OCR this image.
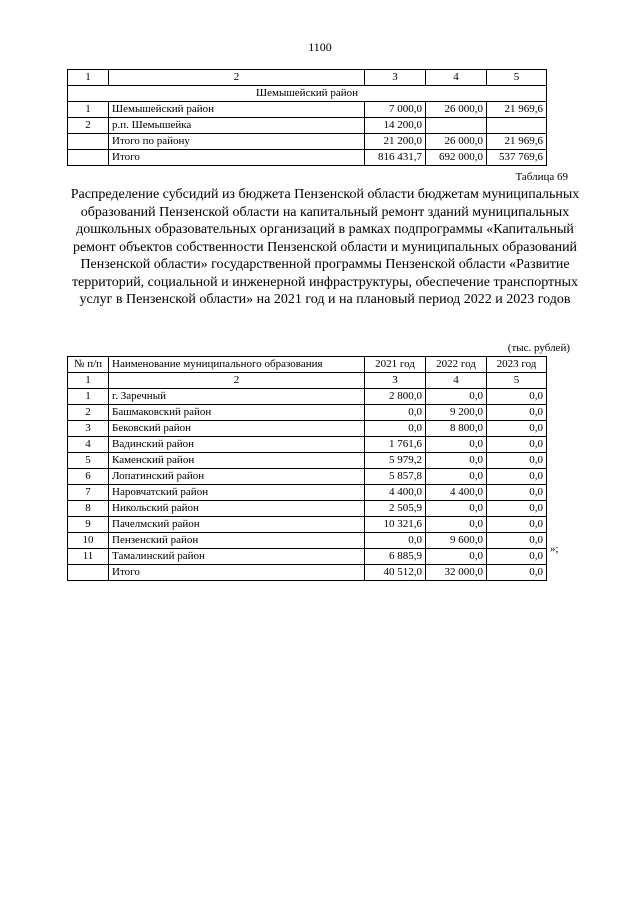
1100
1	2	3	4	5
Шемышейский район				
1	Шемышейский район	7 000,0	26 000,0	21 969,6
2	р.п. Шемышейка	14 200,0		
	Итого по району	21 200,0	26 000,0	21 969,6
	Итого	816 431,7	692 000,0	537 769,6
Таблица 69
Распределение субсидий из бюджета Пензенской области бюджетам муниципальных образований Пензенской области на капитальный ремонт зданий муниципальных дошкольных образовательных организаций в рамках подпрограммы «Капитальный ремонт объектов собственности Пензенской области и муниципальных образований Пензенской области» государственной программы Пензенской области «Развитие территорий, социальной и инженерной инфраструктуры, обеспечение транспортных услуг в Пензенской области» на 2021 год и на плановый период 2022 и 2023 годов
(тыс. рублей)
№ п/п	Наименование муниципального образования	2021 год	2022 год	2023 год
1	2	3	4	5
1	г. Заречный	2 800,0	0,0	0,0
2	Башмаковский район	0,0	9 200,0	0,0
3	Бековский район	0,0	8 800,0	0,0
4	Вадинский район	1 761,6	0,0	0,0
5	Каменский район	5 979,2	0,0	0,0
6	Лопатинский район	5 857,8	0,0	0,0
7	Наровчатский район	4 400,0	4 400,0	0,0
8	Никольский район	2 505,9	0,0	0,0
9	Пачелмский район	10 321,6	0,0	0,0
10	Пензенский район	0,0	9 600,0	0,0
11	Тамалинский район	6 885,9	0,0	0,0
	Итого	40 512,0	32 000,0	0,0
»;
